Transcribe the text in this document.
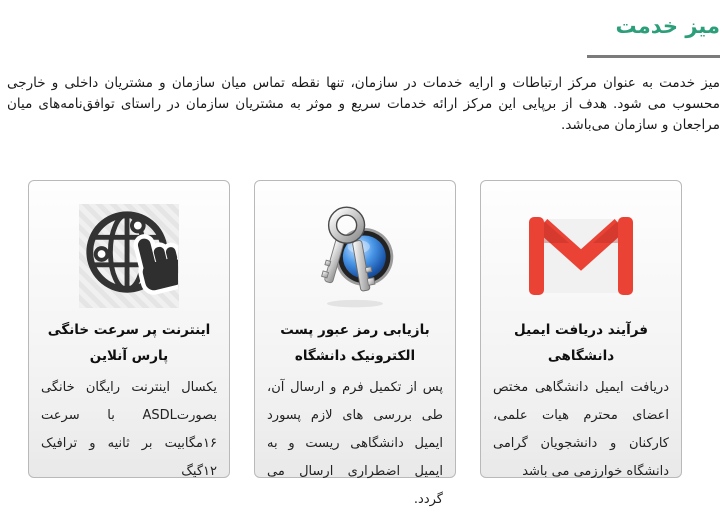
میز خدمت

میز خدمت به عنوان مرکز ارتباطات و ارایه خدمات در سازمان، تنها نقطه تماس میان سازمان و مشتریان داخلی و خارجی محسوب می شود. هدف از برپایی این مرکز ارائه خدمات سریع و موثر به مشتریان سازمان در راستای توافق‌نامه‌های میان مراجعان و سازمان می‌باشد.

فرآیند دریافت ایمیل دانشگاهی
دریافت ایمیل دانشگاهی مختص اعضای محترم هیات علمی، کارکنان و دانشجویان گرامی دانشگاه خوارزمی می باشد
بازیابی رمز عبور پست الکترونیک دانشگاه
پس از تکمیل فرم و ارسال آن، طی بررسی های لازم پسورد ایمیل دانشگاهی ریست و به ایمیل اضطراری ارسال می گردد.
اینترنت پر سرعت خانگی پارس آنلاین
یکسال اینترنت رایگان خانگی بصورتASDL با سرعت ۱۶مگابیت بر ثانیه و ترافیک ۱۲گیگ
